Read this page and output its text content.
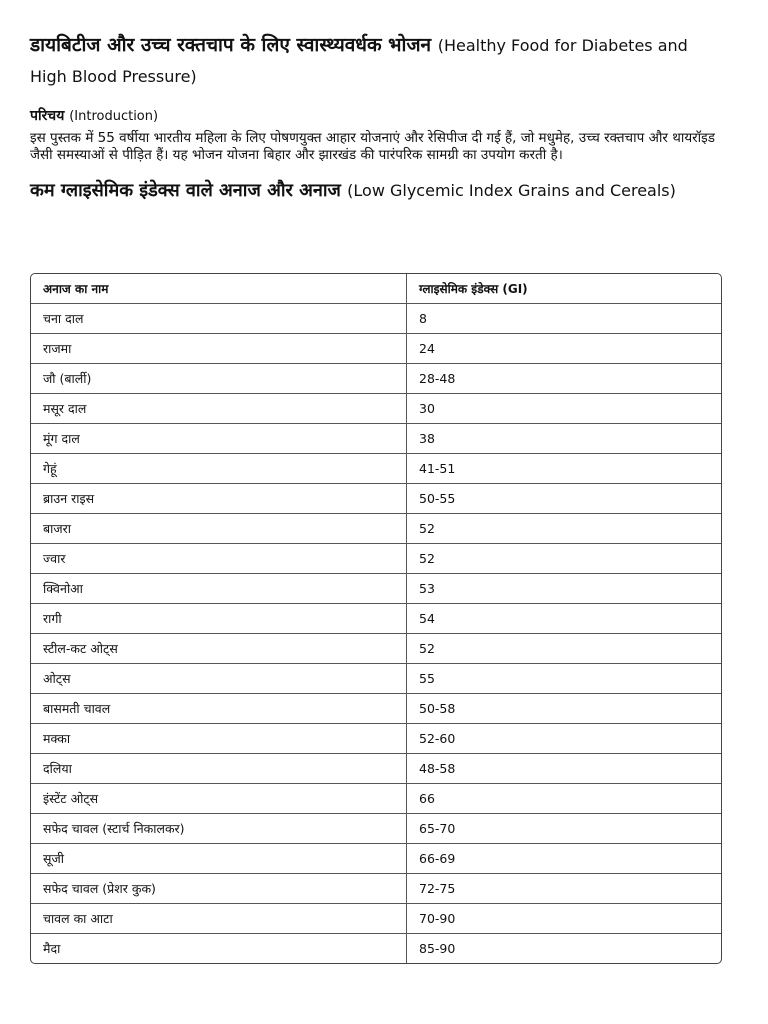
डायबिटीज और उच्च रक्तचाप के लिए स्वास्थ्यवर्धक भोजन (Healthy Food for Diabetes and High Blood Pressure)
परिचय (Introduction)

इस पुस्तक में 55 वर्षीया भारतीय महिला के लिए पोषणयुक्त आहार योजनाएं और रेसिपीज दी गई हैं, जो मधुमेह, उच्च रक्तचाप और थायरॉइड जैसी समस्याओं से पीड़ित हैं। यह भोजन योजना बिहार और झारखंड की पारंपरिक सामग्री का उपयोग करती है।

कम ग्लाइसेमिक इंडेक्स वाले अनाज और अनाज (Low Glycemic Index Grains and Cereals)
अनाज का नाम	ग्लाइसेमिक इंडेक्स (GI)
चना दाल	8
राजमा	24
जौ (बार्ली)	28-48
मसूर दाल	30
मूंग दाल	38
गेहूं	41-51
ब्राउन राइस	50-55
बाजरा	52
ज्वार	52
क्विनोआ	53
रागी	54
स्टील-कट ओट्स	52
ओट्स	55
बासमती चावल	50-58
मक्का	52-60
दलिया	48-58
इंस्टेंट ओट्स	66
सफेद चावल (स्टार्च निकालकर)	65-70
सूजी	66-69
सफेद चावल (प्रेशर कुक)	72-75
चावल का आटा	70-90
मैदा	85-90
